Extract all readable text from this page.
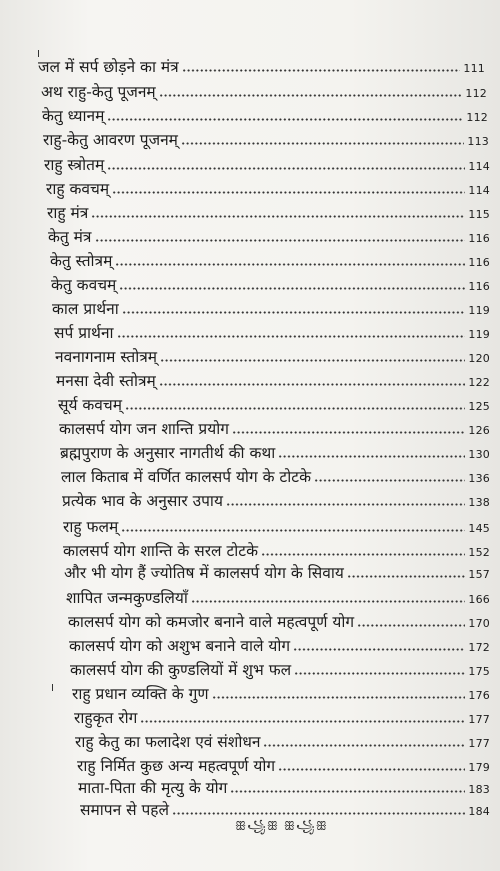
जल में सर्प छोड़ने का मंत्र	111
अथ राहु-केतु पूजनम्	112
केतु ध्यानम्	112
राहु-केतु आवरण पूजनम्	113
राहु स्त्रोतम्	114
राहु कवचम्	114
राहु मंत्र	115
केतु मंत्र	116
केतु स्तोत्रम्	116
केतु कवचम्	116
काल प्रार्थना	119
सर्प प्रार्थना	119
नवनागनाम स्तोत्रम्	120
मनसा देवी स्तोत्रम्	122
सूर्य कवचम्	125
कालसर्प योग जन शान्ति प्रयोग	126
ब्रह्मपुराण के अनुसार नागतीर्थ की कथा	130
लाल किताब में वर्णित कालसर्प योग के टोटके	136
प्रत्येक भाव के अनुसार उपाय	138
राहु फलम्	145
कालसर्प योग शान्ति के सरल टोटके	152
और भी योग हैं ज्योतिष में कालसर्प योग के सिवाय	157
शापित जन्मकुण्डलियाँ	166
कालसर्प योग को कमजोर बनाने वाले महत्वपूर्ण योग	170
कालसर्प योग को अशुभ बनाने वाले योग	172
कालसर्प योग की कुण्डलियों में शुभ फल	175
राहु प्रधान व्यक्ति के गुण	176
राहुकृत रोग	177
राहु केतु का फलादेश एवं संशोधन	177
राहु निर्मित कुछ अन्य महत्वपूर्ण योग	179
माता-पिता की मृत्यु के योग	183
समापन से पहले	184
ꕥ꧁ꕥ ꕥ꧁ꕥ
